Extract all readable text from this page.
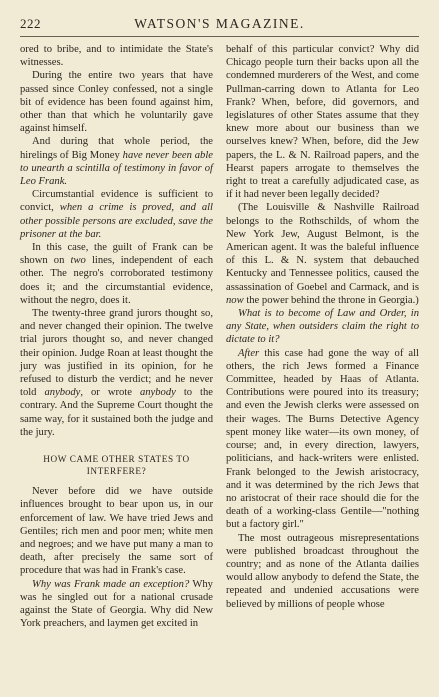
222	WATSON'S MAGAZINE.

ored to bribe, and to intimidate the State's witnesses.

During the entire two years that have passed since Conley confessed, not a single bit of evidence has been found against him, other than that which he voluntarily gave against himself.

And during that whole period, the hirelings of Big Money have never been able to unearth a scintilla of testimony in favor of Leo Frank.

Circumstantial evidence is sufficient to convict, when a crime is proved, and all other possible persons are excluded, save the prisoner at the bar.

In this case, the guilt of Frank can be shown on two lines, independent of each other. The negro's corroborated testimony does it; and the circumstantial evidence, without the negro, does it.

The twenty-three grand jurors thought so, and never changed their opinion. The twelve trial jurors thought so, and never changed their opinion. Judge Roan at least thought the jury was justified in its opinion, for he refused to disturb the verdict; and he never told anybody, or wrote anybody to the contrary. And the Supreme Court thought the same way, for it sustained both the judge and the jury.

HOW CAME OTHER STATES TO
INTERFERE?

Never before did we have outside influences brought to bear upon us, in our enforcement of law. We have tried Jews and Gentiles; rich men and poor men; white men and negroes; and we have put many a man to death, after precisely the same sort of procedure that was had in Frank's case.

Why was Frank made an exception? Why was he singled out for a national crusade against the State of Georgia. Why did New York preachers, and laymen get excited in

behalf of this particular convict? Why did Chicago people turn their backs upon all the condemned murderers of the West, and come Pullman-carring down to Atlanta for Leo Frank? When, before, did governors, and legislatures of other States assume that they knew more about our business than we ourselves knew? When, before, did the Jew papers, the L. & N. Railroad papers, and the Hearst papers arrogate to themselves the right to treat a carefully adjudicated case, as if it had never been legally decided?

(The Louisville & Nashville Railroad belongs to the Rothschilds, of whom the New York Jew, August Belmont, is the American agent. It was the baleful influence of this L. & N. system that debauched Kentucky and Tennessee politics, caused the assassination of Goebel and Carmack, and is now the power behind the throne in Georgia.)

What is to become of Law and Order, in any State, when outsiders claim the right to dictate to it?

After this case had gone the way of all others, the rich Jews formed a Finance Committee, headed by Haas of Atlanta. Contributions were poured into its treasury; and even the Jewish clerks were assessed on their wages. The Burns Detective Agency spent money like water—its own money, of course; and, in every direction, lawyers, politicians, and hack-writers were enlisted. Frank belonged to the Jewish aristocracy, and it was determined by the rich Jews that no aristocrat of their race should die for the death of a working-class Gentile—"nothing but a factory girl."

The most outrageous misrepresentations were published broadcast throughout the country; and as none of the Atlanta dailies would allow anybody to defend the State, the repeated and undenied accusations were believed by millions of people whose
